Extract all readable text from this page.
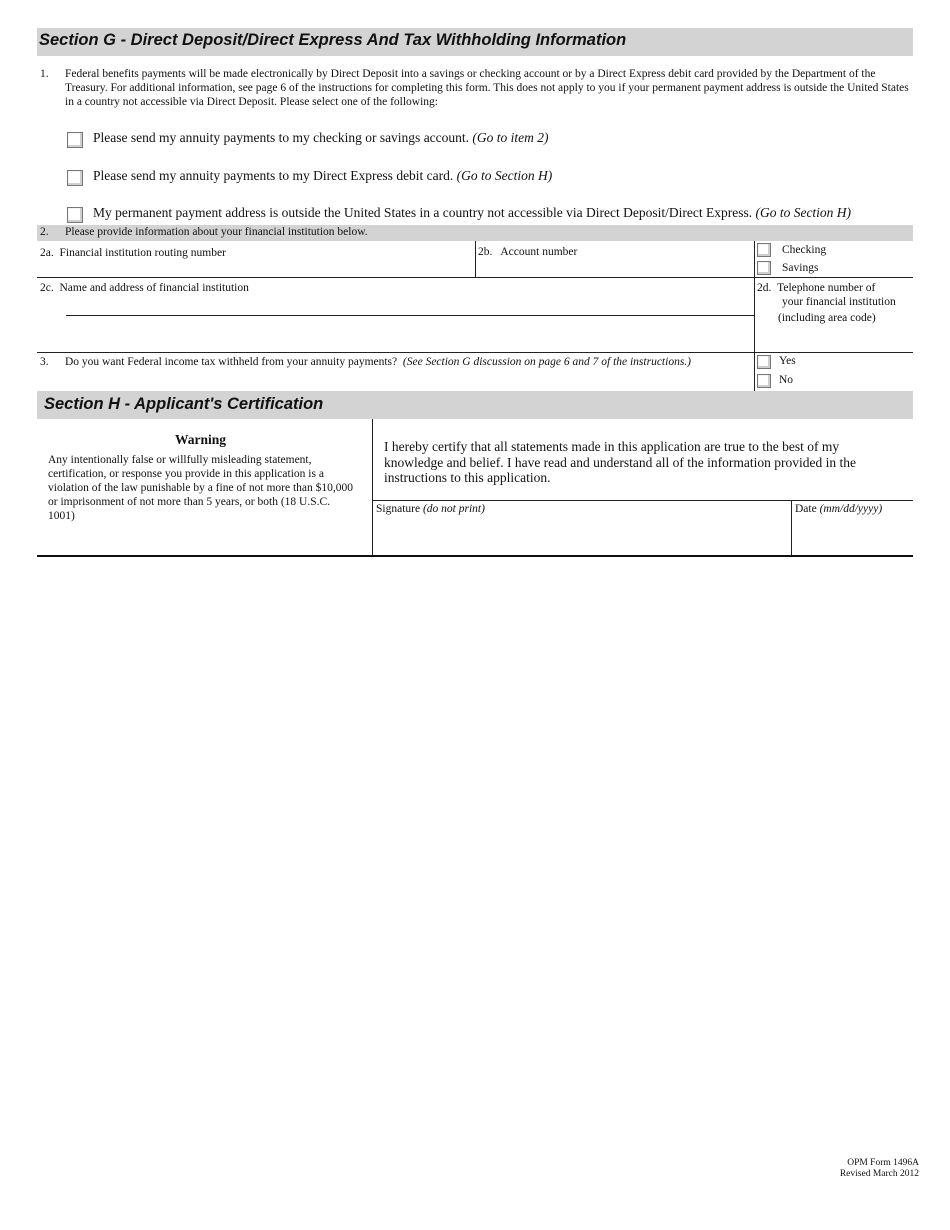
Section G - Direct Deposit/Direct Express And Tax Withholding Information
1. Federal benefits payments will be made electronically by Direct Deposit into a savings or checking account or by a Direct Express debit card provided by the Department of the Treasury. For additional information, see page 6 of the instructions for completing this form. This does not apply to you if your permanent payment address is outside the United States in a country not accessible via Direct Deposit. Please select one of the following:
Please send my annuity payments to my checking or savings account. (Go to item 2)
Please send my annuity payments to my Direct Express debit card. (Go to Section H)
My permanent payment address is outside the United States in a country not accessible via Direct Deposit/Direct Express. (Go to Section H)
2. Please provide information about your financial institution below.
2a. Financial institution routing number	2b. Account number	Checking
Savings
2c. Name and address of financial institution	2d. Telephone number of
your financial institution
(including area code)
3. Do you want Federal income tax withheld from your annuity payments? (See Section G discussion on page 6 and 7 of the instructions.)	Yes
No
Section H - Applicant's Certification
Warning
Any intentionally false or willfully misleading statement, certification, or response you provide in this application is a violation of the law punishable by a fine of not more than $10,000 or imprisonment of not more than 5 years, or both (18 U.S.C. 1001)
I hereby certify that all statements made in this application are true to the best of my knowledge and belief. I have read and understand all of the information provided in the instructions to this application.
Signature (do not print)	Date (mm/dd/yyyy)
OPM Form 1496A
Revised March 2012
